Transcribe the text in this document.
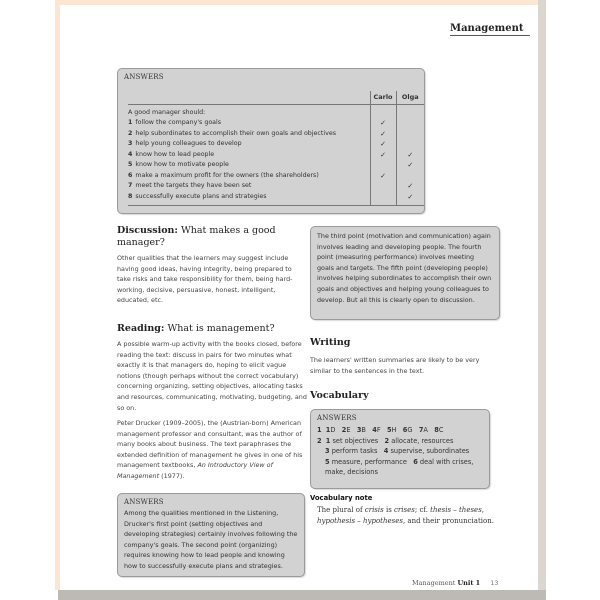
Management
ANSWERS
	Carlo	Olga
A good manager should:		
1 follow the company's goals	✓	
2 help subordinates to accomplish their own goals and objectives	✓	
3 help young colleagues to develop	✓	
4 know how to lead people	✓	✓
5 know how to motivate people		✓
6 make a maximum profit for the owners (the shareholders)	✓	
7 meet the targets they have been set		✓
8 successfully execute plans and strategies		✓
Discussion: What makes a good manager?
Other qualities that the learners may suggest include having good ideas, having integrity, being prepared to take risks and take responsibility for them, being hard-working, decisive, persuasive, honest, intelligent, educated, etc.
The third point (motivation and communication) again involves leading and developing people. The fourth point (measuring performance) involves meeting goals and targets. The fifth point (developing people) involves helping subordinates to accomplish their own goals and objectives and helping young colleagues to develop. But all this is clearly open to discussion.
Reading: What is management?
A possible warm-up activity with the books closed, before reading the text: discuss in pairs for two minutes what exactly it is that managers do, hoping to elicit vague notions (though perhaps without the correct vocabulary) concerning organizing, setting objectives, allocating tasks and resources, communicating, motivating, budgeting, and so on.
Peter Drucker (1909–2005), the (Austrian-born) American management professor and consultant, was the author of many books about business. The text paraphrases the extended definition of management he gives in one of his management textbooks, An Introductory View of Management (1977).
ANSWERS
Among the qualities mentioned in the Listening, Drucker's first point (setting objectives and developing strategies) certainly involves following the company's goals. The second point (organizing) requires knowing how to lead people and knowing how to successfully execute plans and strategies.
Writing
The learners' written summaries are likely to be very similar to the sentences in the text.
Vocabulary
ANSWERS
1 1D 2E 3B 4F 5H 6G 7A 8C
2 1 set objectives 2 allocate, resources
3 perform tasks 4 supervise, subordinates
5 measure, performance 6 deal with crises, make, decisions
Vocabulary note
The plural of crisis is crises; cf. thesis – theses, hypothesis – hypotheses, and their pronunciation.
Management Unit 1 13
